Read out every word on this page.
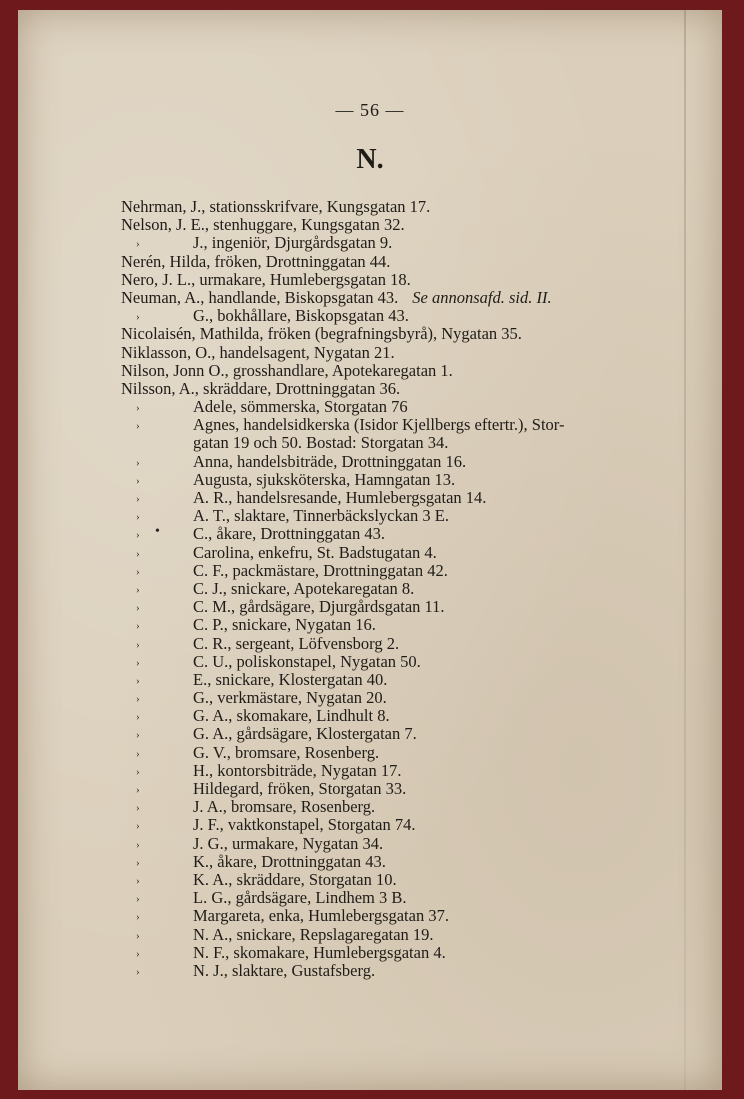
— 56 —
N.
Nehrman, J., stationsskrifvare, Kungsgatan 17.
Nelson, J. E., stenhuggare, Kungsgatan 32.
›	J., ingeniör, Djurgårdsgatan 9.
Nerén, Hilda, fröken, Drottninggatan 44.
Nero, J. L., urmakare, Humlebergsgatan 18.
Neuman, A., handlande, Biskopsgatan 43. Se annonsafd. sid. II.
›	G., bokhållare, Biskopsgatan 43.
Nicolaisén, Mathilda, fröken (begrafningsbyrå), Nygatan 35.
Niklasson, O., handelsagent, Nygatan 21.
Nilson, Jonn O., grosshandlare, Apotekaregatan 1.
Nilsson, A., skräddare, Drottninggatan 36.
›	Adele, sömmerska, Storgatan 76
›	Agnes, handelsidkerska (Isidor Kjellbergs eftertr.), Stor-
gatan 19 och 50. Bostad: Storgatan 34.
›	Anna, handelsbiträde, Drottninggatan 16.
›	Augusta, sjuksköterska, Hamngatan 13.
›	A. R., handelsresande, Humlebergsgatan 14.
›	A. T., slaktare, Tinnerbäckslyckan 3 E.
› • C., åkare, Drottninggatan 43.
›	Carolina, enkefru, St. Badstugatan 4.
›	C. F., packmästare, Drottninggatan 42.
›	C. J., snickare, Apotekaregatan 8.
›	C. M., gårdsägare, Djurgårdsgatan 11.
›	C. P., snickare, Nygatan 16.
›	C. R., sergeant, Löfvensborg 2.
›	C. U., poliskonstapel, Nygatan 50.
›	E., snickare, Klostergatan 40.
›	G., verkmästare, Nygatan 20.
›	G. A., skomakare, Lindhult 8.
›	G. A., gårdsägare, Klostergatan 7.
›	G. V., bromsare, Rosenberg.
›	H., kontorsbiträde, Nygatan 17.
›	Hildegard, fröken, Storgatan 33.
›	J. A., bromsare, Rosenberg.
›	J. F., vaktkonstapel, Storgatan 74.
›	J. G., urmakare, Nygatan 34.
›	K., åkare, Drottninggatan 43.
›	K. A., skräddare, Storgatan 10.
›	L. G., gårdsägare, Lindhem 3 B.
›	Margareta, enka, Humlebergsgatan 37.
›	N. A., snickare, Repslagaregatan 19.
›	N. F., skomakare, Humlebergsgatan 4.
›	N. J., slaktare, Gustafsberg.
